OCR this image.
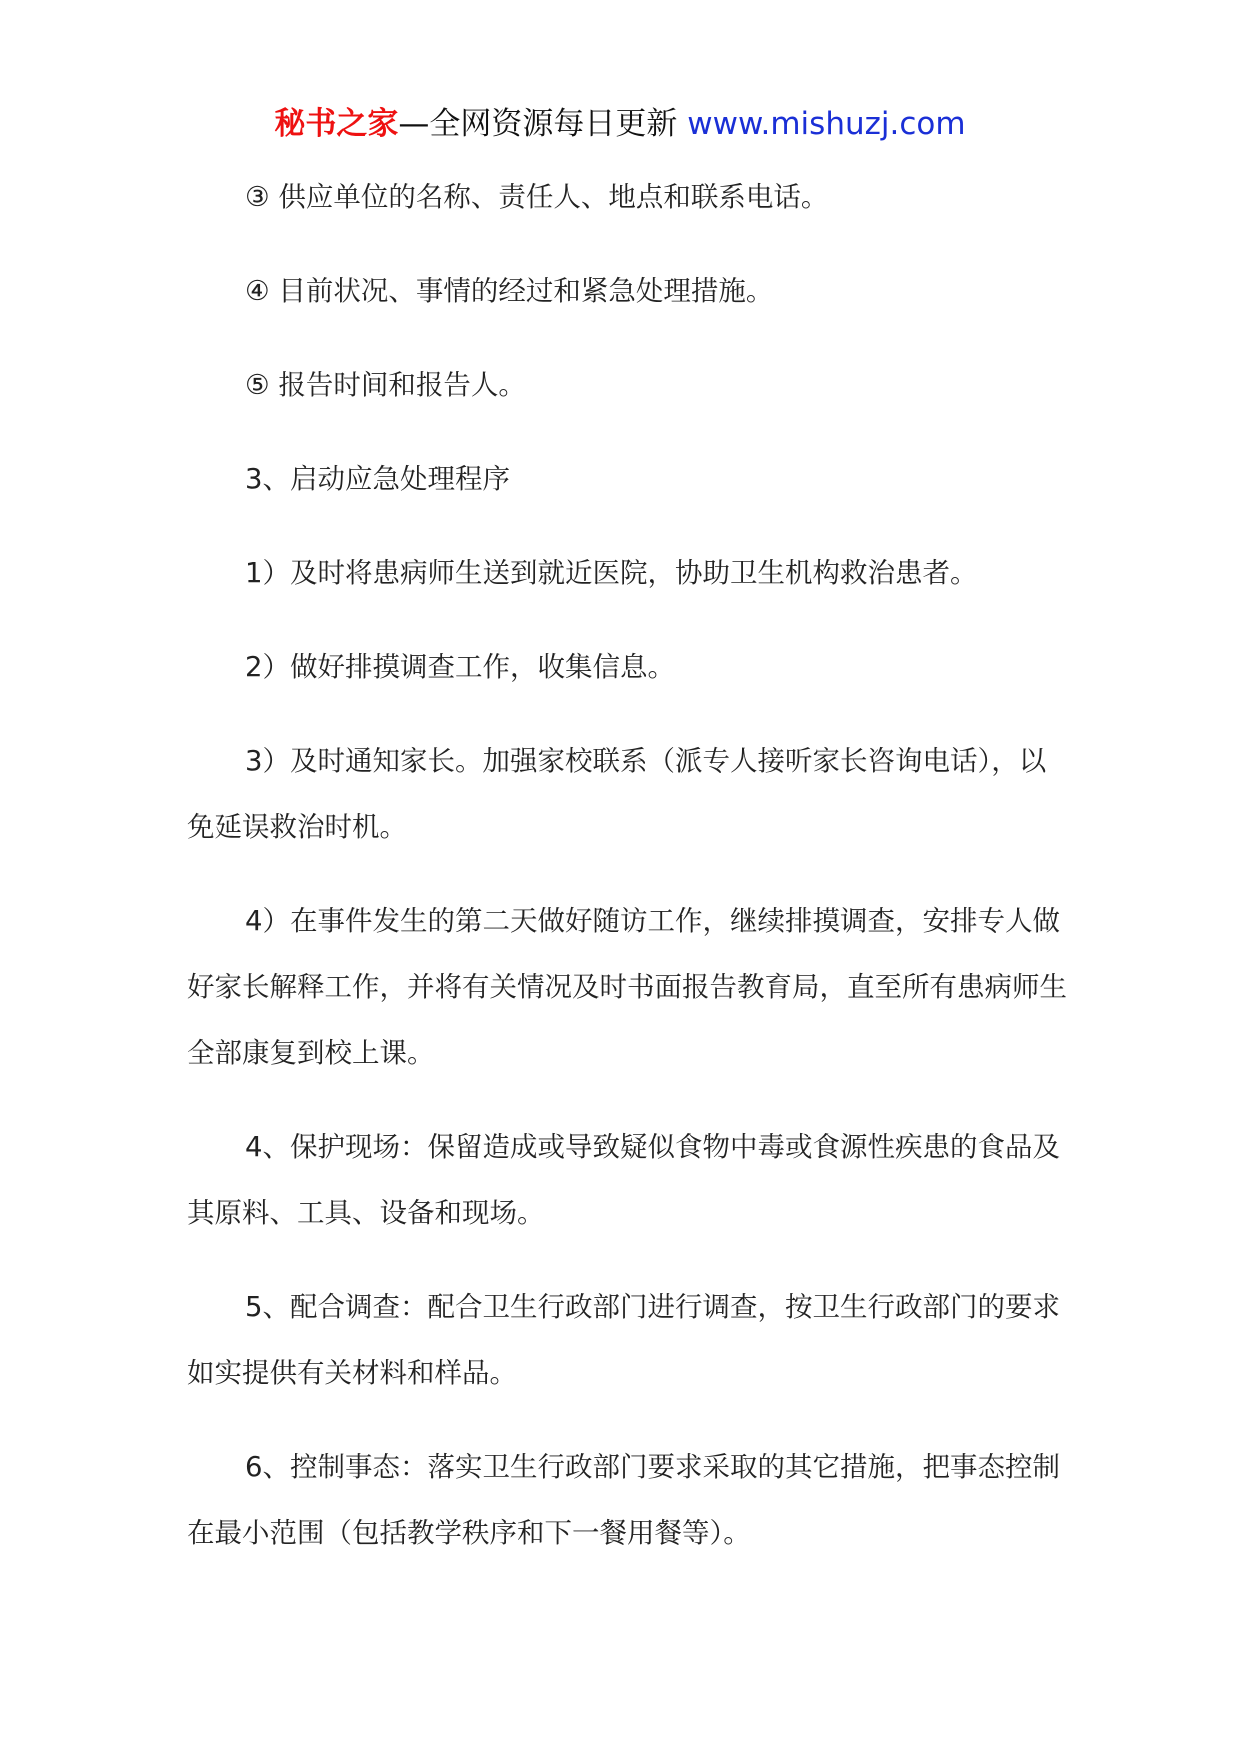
秘书之家—全网资源每日更新 www.mishuzj.com

③ 供应单位的名称、责任人、地点和联系电话。

④ 目前状况、事情的经过和紧急处理措施。

⑤ 报告时间和报告人。

3、启动应急处理程序

1）及时将患病师生送到就近医院，协助卫生机构救治患者。

2）做好排摸调查工作，收集信息。

3）及时通知家长。加强家校联系（派专人接听家长咨询电话），以免延误救治时机。

4）在事件发生的第二天做好随访工作，继续排摸调查，安排专人做好家长解释工作，并将有关情况及时书面报告教育局，直至所有患病师生全部康复到校上课。

4、保护现场：保留造成或导致疑似食物中毒或食源性疾患的食品及其原料、工具、设备和现场。

5、配合调查：配合卫生行政部门进行调查，按卫生行政部门的要求如实提供有关材料和样品。

6、控制事态：落实卫生行政部门要求采取的其它措施，把事态控制在最小范围（包括教学秩序和下一餐用餐等）。
